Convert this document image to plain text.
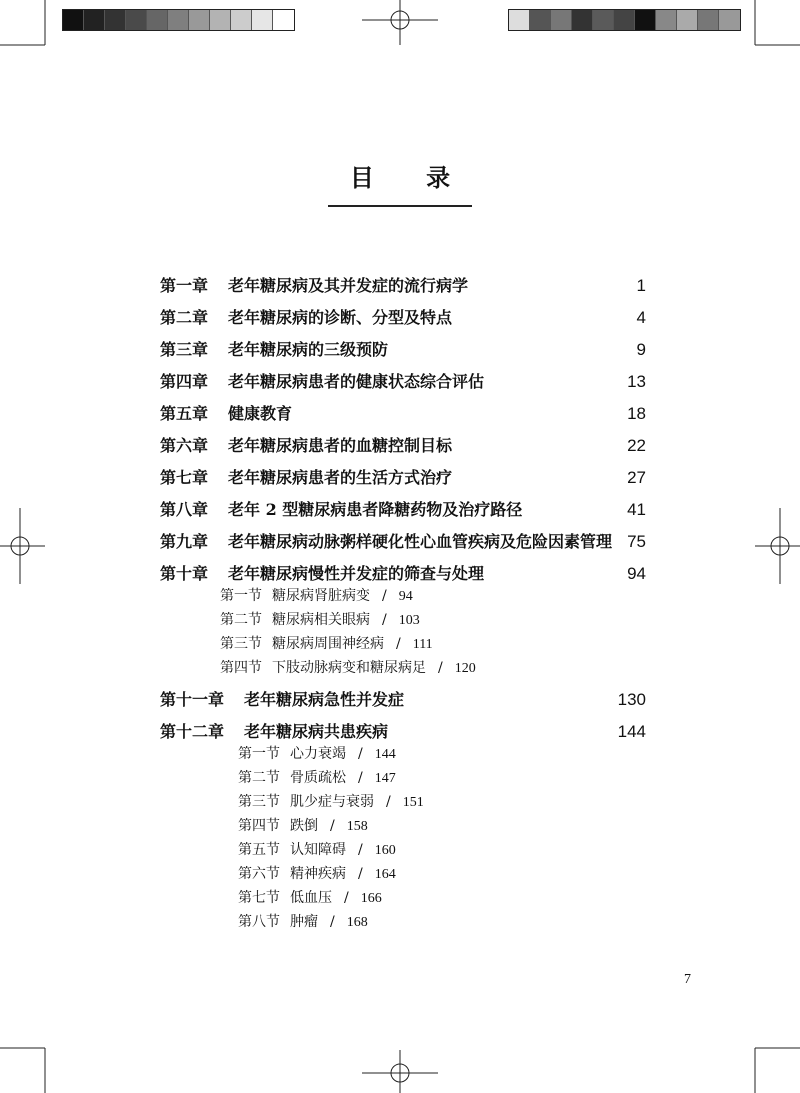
目 录
第一章 老年糖尿病及其并发症的流行病学	1
第二章 老年糖尿病的诊断、分型及特点	4
第三章 老年糖尿病的三级预防	9
第四章 老年糖尿病患者的健康状态综合评估	13
第五章 健康教育	18
第六章 老年糖尿病患者的血糖控制目标	22
第七章 老年糖尿病患者的生活方式治疗	27
第八章 老年 2 型糖尿病患者降糖药物及治疗路径	41
第九章 老年糖尿病动脉粥样硬化性心血管疾病及危险因素管理 75
第十章 老年糖尿病慢性并发症的筛查与处理	94
第一节 糖尿病肾脏病变 / 94
第二节 糖尿病相关眼病 / 103
第三节 糖尿病周围神经病 / 111
第四节 下肢动脉病变和糖尿病足 / 120
第十一章 老年糖尿病急性并发症	130
第十二章 老年糖尿病共患疾病	144
第一节 心力衰竭 / 144
第二节 骨质疏松 / 147
第三节 肌少症与衰弱 / 151
第四节 跌倒 / 158
第五节 认知障碍 / 160
第六节 精神疾病 / 164
第七节 低血压 / 166
第八节 肿瘤 / 168
7
